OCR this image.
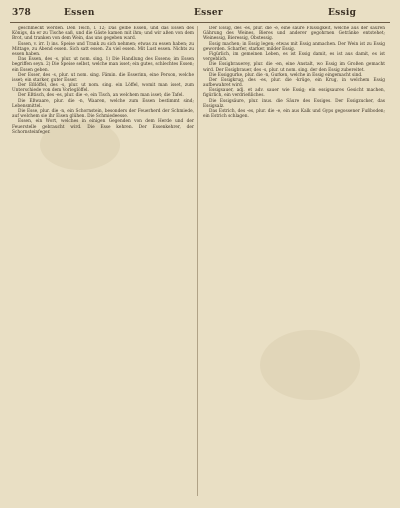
378	Essen	Esser	Essig

geschmeckt werden. Den Teich, l. 12; Das gelbe Essen, und das Essen des Königs, da er zu Tische saß, und die Gäste kamen mit ihm; und wir aßen von dem Brot, und tranken von dem Wein, das uns gegeben ward.

Essen, v. irr. I) ins. Speise und Trank zu sich nehmen; etwas zu essen haben; zu Mittage, zu Abend essen. Sich satt essen. Zu viel essen. Mit Lust essen. Nichts zu essen haben.

Das Essen, des -s, plur. ut nom. sing. 1) Die Handlung des Essens; im Essen begriffen seyn. 2) Die Speise selbst, welche man isset; ein gutes, schlechtes Essen; ein Essen geben.

Der Esser, des -s, plur. ut nom. sing. Fämin. die Esserinn, eine Person, welche isset; ein starker, guter Esser.

Der Eßlöffel, des -s, plur. ut nom. sing. ein Löffel, womit man isset, zum Unterschiede von dem Vorleglöffel.

Der Eßtisch, des -es, plur. die -e, ein Tisch, an welchem man isset; die Tafel.

Die Eßwaare, plur. die -n, Waaren, welche zum Essen bestimmt sind; Lebensmittel.

Die Esse, plur. die -n, ein Schornstein, besonders der Feuerherd der Schmiede, auf welchem sie ihr Eisen glühen. Die Schmiedeesse.

Essen, ein Wort, welches in einigen Gegenden von dem Herde und der Feuerstelle gebraucht wird. Die Esse kehren. Der Essenkehrer, der Schornsteinfeger.

Der Essig, des -es, plur. die -e, eine saure Flüssigkeit, welche aus der sauren Gährung des Weines, Bieres und anderer gegohrnen Getränke entstehet; Weinessig, Bieressig, Obstessig.

Essig machen; in Essig legen; etwas mit Essig anmachen. Der Wein ist zu Essig geworden. Scharfer, starker, milder Essig.

Figürlich, im gemeinen Leben, es ist Essig damit, es ist aus damit, es ist vergeblich.

Die Essigbrauerey, plur. die -en, eine Anstalt, wo Essig im Großen gemacht wird. Der Essigbrauer, des -s, plur. ut nom. sing. der den Essig zubereitet.

Die Essiggurke, plur. die -n, Gurken, welche in Essig eingemacht sind.

Der Essigkrug, des -es, plur. die -krüge, ein Krug, in welchem Essig aufbewahret wird.

Essigsauer, adj. et adv. sauer wie Essig; ein essigsaures Gesicht machen, figürlich, ein verdrießliches.

Die Essigsäure, plur. inus. die Säure des Essiges. Der Essigzucker, das Essigsalz.

Das Estrich, des -es, plur. die -e, ein aus Kalk und Gyps gegossener Fußboden; ein Estrich schlagen.
